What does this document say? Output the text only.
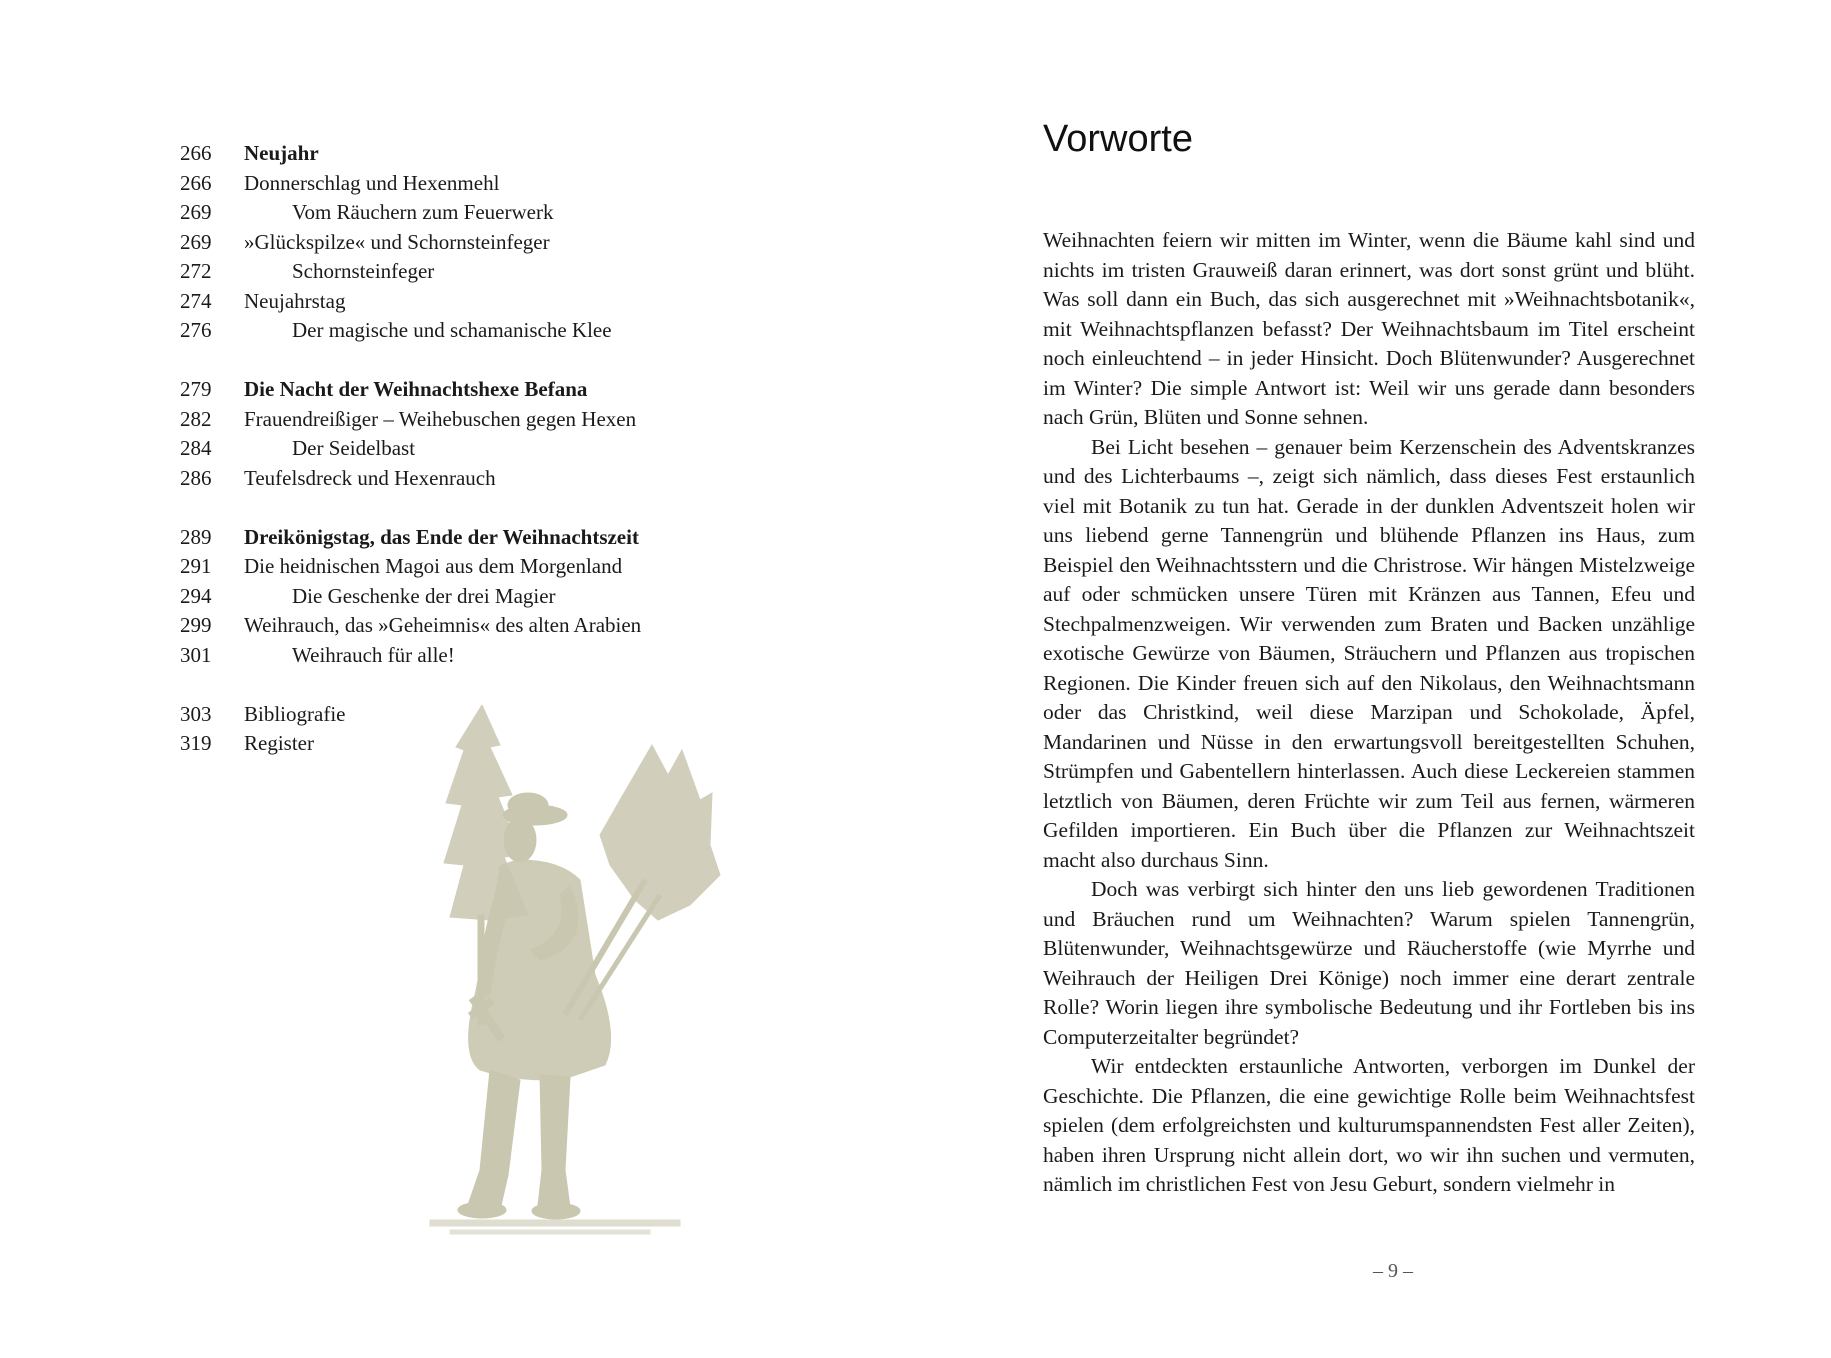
266	Neujahr
266	Donnerschlag und Hexenmehl
269	Vom Räuchern zum Feuerwerk
269	»Glückspilze« und Schornsteinfeger
272	Schornsteinfeger
274	Neujahrstag
276	Der magische und schamanische Klee
279	Die Nacht der Weihnachtshexe Befana
282	Frauendreißiger – Weihebuschen gegen Hexen
284	Der Seidelbast
286	Teufelsdreck und Hexenrauch
289	Dreikönigstag, das Ende der Weihnachtszeit
291	Die heidnischen Magoi aus dem Morgenland
294	Die Geschenke der drei Magier
299	Weihrauch, das »Geheimnis« des alten Arabien
301	Weihrauch für alle!
303	Bibliografie
319	Register
Vorworte

Weihnachten feiern wir mitten im Winter, wenn die Bäume kahl sind und nichts im tristen Grauweiß daran erinnert, was dort sonst grünt und blüht. Was soll dann ein Buch, das sich ausgerechnet mit »Weihnachtsbotanik«, mit Weihnachtspflanzen befasst? Der Weihnachtsbaum im Titel erscheint noch einleuchtend – in jeder Hinsicht. Doch Blütenwunder? Ausgerechnet im Winter? Die simple Antwort ist: Weil wir uns gerade dann besonders nach Grün, Blüten und Sonne sehnen.

Bei Licht besehen – genauer beim Kerzenschein des Adventskranzes und des Lichterbaums –, zeigt sich nämlich, dass dieses Fest erstaunlich viel mit Botanik zu tun hat. Gerade in der dunklen Adventszeit holen wir uns liebend gerne Tannengrün und blühende Pflanzen ins Haus, zum Beispiel den Weihnachtsstern und die Christrose. Wir hängen Mistelzweige auf oder schmücken unsere Türen mit Kränzen aus Tannen, Efeu und Stechpalmenzweigen. Wir verwenden zum Braten und Backen unzählige exotische Gewürze von Bäumen, Sträuchern und Pflanzen aus tropischen Regionen. Die Kinder freuen sich auf den Nikolaus, den Weihnachtsmann oder das Christkind, weil diese Marzipan und Schokolade, Äpfel, Mandarinen und Nüsse in den erwartungsvoll bereitgestellten Schuhen, Strümpfen und Gabentellern hinterlassen. Auch diese Leckereien stammen letztlich von Bäumen, deren Früchte wir zum Teil aus fernen, wärmeren Gefilden importieren. Ein Buch über die Pflanzen zur Weihnachtszeit macht also durchaus Sinn.

Doch was verbirgt sich hinter den uns lieb gewordenen Traditionen und Bräuchen rund um Weihnachten? Warum spielen Tannengrün, Blütenwunder, Weihnachtsgewürze und Räucherstoffe (wie Myrrhe und Weihrauch der Heiligen Drei Könige) noch immer eine derart zentrale Rolle? Worin liegen ihre symbolische Bedeutung und ihr Fortleben bis ins Computerzeitalter begründet?

Wir entdeckten erstaunliche Antworten, verborgen im Dunkel der Geschichte. Die Pflanzen, die eine gewichtige Rolle beim Weihnachtsfest spielen (dem erfolgreichsten und kulturumspannendsten Fest aller Zeiten), haben ihren Ursprung nicht allein dort, wo wir ihn suchen und vermuten, nämlich im christlichen Fest von Jesu Geburt, sondern vielmehr in

– 9 –
